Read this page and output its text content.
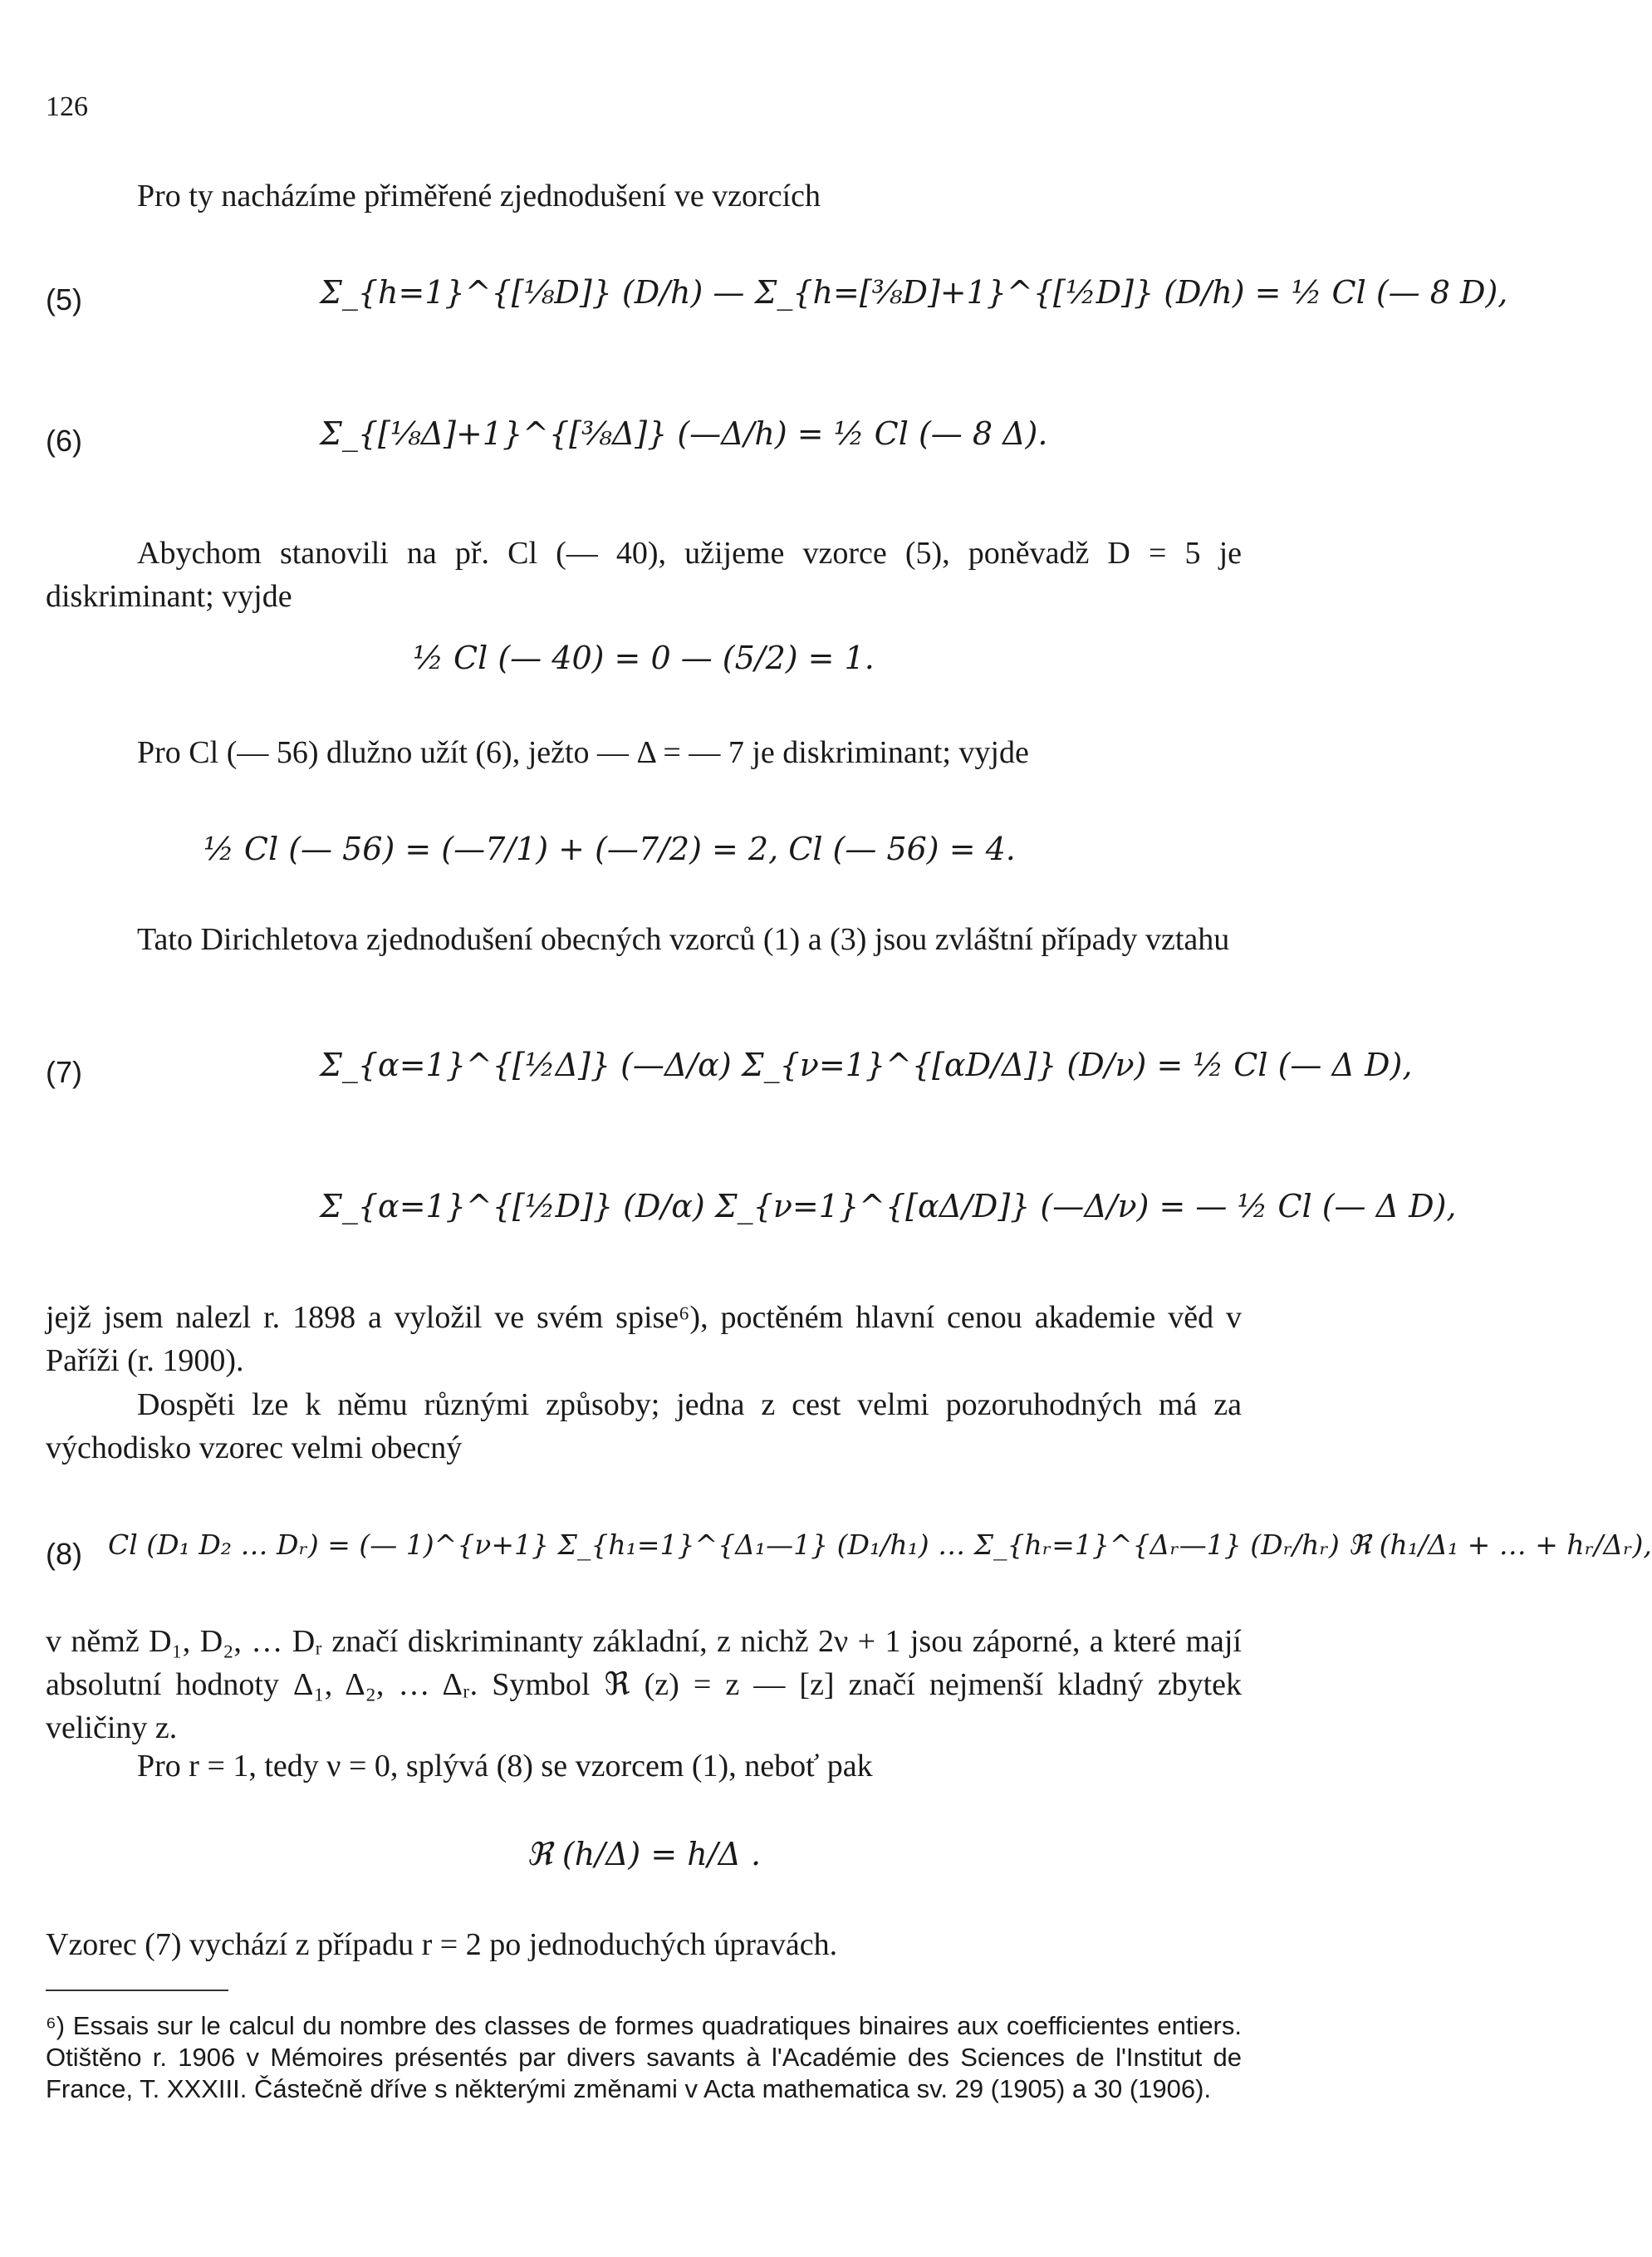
126
Pro ty nacházíme přiměřené zjednodušení ve vzorcích
(5)	Σ_{h=1}^{[⅛D]} (D/h) — Σ_{h=[⅜D]+1}^{[½D]} (D/h) = ½ Cl (— 8 D),
(6)	Σ_{[⅛Δ]+1}^{[⅜Δ]} (—Δ/h) = ½ Cl (— 8 Δ).
Abychom stanovili na př. Cl (— 40), užijeme vzorce (5), poněvadž D = 5 je diskriminant; vyjde
½ Cl (— 40) = 0 — (5/2) = 1.
Pro Cl (— 56) dlužno užít (6), ježto — Δ = — 7 je diskriminant; vyjde
½ Cl (— 56) = (—7/1) + (—7/2) = 2, Cl (— 56) = 4.
Tato Dirichletova zjednodušení obecných vzorců (1) a (3) jsou zvláštní případy vztahu
(7)	Σ_{α=1}^{[½Δ]} (—Δ/α) Σ_{ν=1}^{[αD/Δ]} (D/ν) = ½ Cl (— Δ D),
Σ_{α=1}^{[½D]} (D/α) Σ_{ν=1}^{[αΔ/D]} (—Δ/ν) = — ½ Cl (— Δ D),
jejž jsem nalezl r. 1898 a vyložil ve svém spise⁶), poctěném hlavní cenou akademie věd v Paříži (r. 1900).
Dospěti lze k němu různými způsoby; jedna z cest velmi pozoruhodných má za východisko vzorec velmi obecný
(8) Cl (D₁ D₂ … Dᵣ) = (— 1)^{ν+1} Σ_{h₁=1}^{Δ₁—1} (D₁/h₁) … Σ_{hᵣ=1}^{Δᵣ—1} (Dᵣ/hᵣ) ℜ (h₁/Δ₁ + … + hᵣ/Δᵣ),
v němž D₁, D₂, … Dᵣ značí diskriminanty základní, z nichž 2ν + 1 jsou záporné, a které mají absolutní hodnoty Δ₁, Δ₂, … Δᵣ. Symbol ℜ (z) = z — [z] značí nejmenší kladný zbytek veličiny z.
Pro r = 1, tedy ν = 0, splývá (8) se vzorcem (1), neboť pak
ℜ (h/Δ) = h/Δ .
Vzorec (7) vychází z případu r = 2 po jednoduchých úpravách.
⁶) Essais sur le calcul du nombre des classes de formes quadratiques binaires aux coefficientes entiers. Otištěno r. 1906 v Mémoires présentés par divers savants à l'Académie des Sciences de l'Institut de France, T. XXXIII. Částečně dříve s některými změnami v Acta mathematica sv. 29 (1905) a 30 (1906).
